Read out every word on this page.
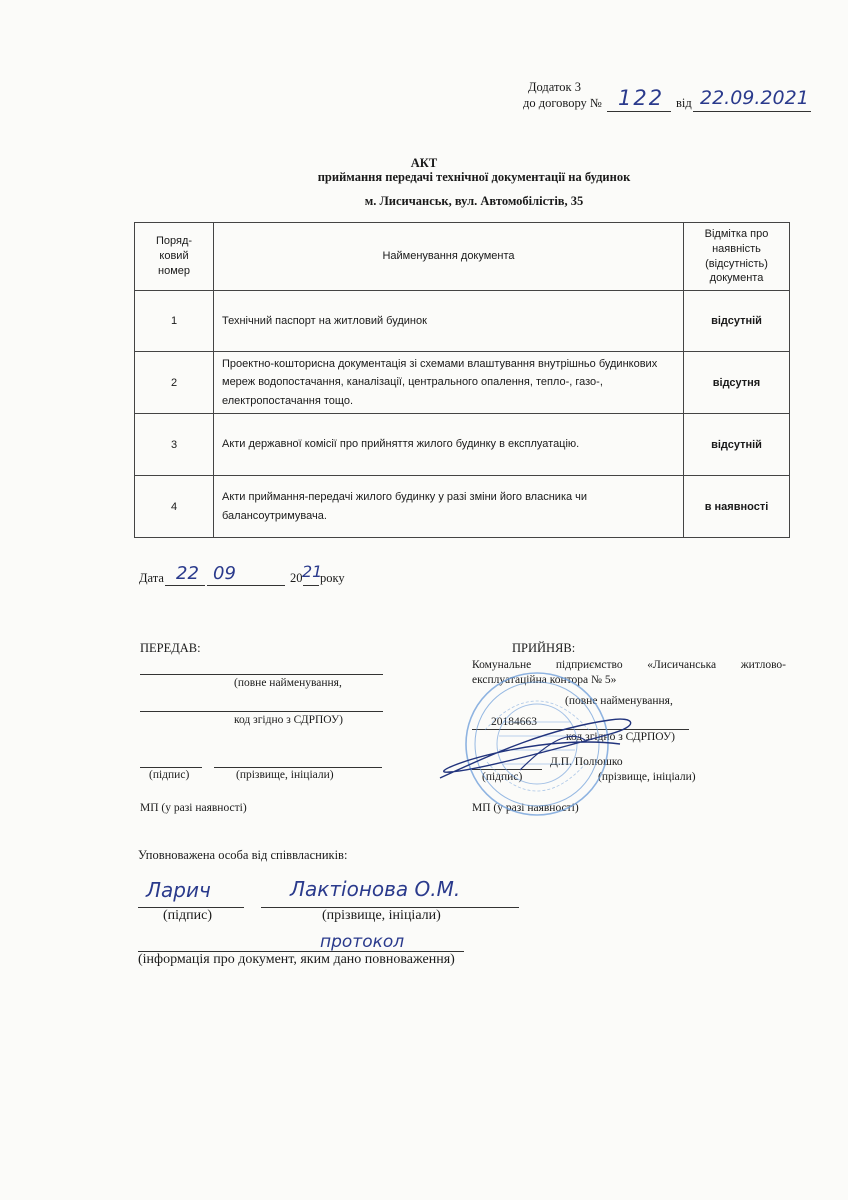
Додаток 3
до договору № 122 від 22.09.2021
АКТ
приймання передачі технічної документації на будинок
м. Лисичанськ, вул. Автомобілістів, 35
Поряд-
ковий
номер	Найменування документа	Відмітка про
наявність
(відсутність)
документа
1	Технічний паспорт на житловий будинок	відсутній
2	Проектно-кошторисна документація зі схемами влаштування внутрішньо будинкових мереж водопостачання, каналізації, центрального опалення, тепло-, газо-, електропостачання тощо.	відсутня
3	Акти державної комісії про прийняття жилого будинку в експлуатацію.	відсутній
4	Акти приймання-передачі жилого будинку у разі зміни його власника чи балансоутримувача.	в наявності
Дата 22 09	20 21
року
ПЕРЕДАВ:
(повне найменування,
код згідно з СДРПОУ)
(підпис)	(прізвище, ініціали)
МП (у разі наявності)
ПРИЙНЯВ:
Комунальне підприємство «Лисичанська житлово-
експлуатаційна контора № 5»
(повне найменування,
20184663
код згідно з СДРПОУ)
Д.П. Полюшко
(підпис)	(прізвище, ініціали)
МП (у разі наявності)
Уповноважена особа від співвласників:
Ларич	Лактіонова О.М.
(підпис)	(прізвище, ініціали)
протокол
(інформація про документ, яким дано повноваження)
